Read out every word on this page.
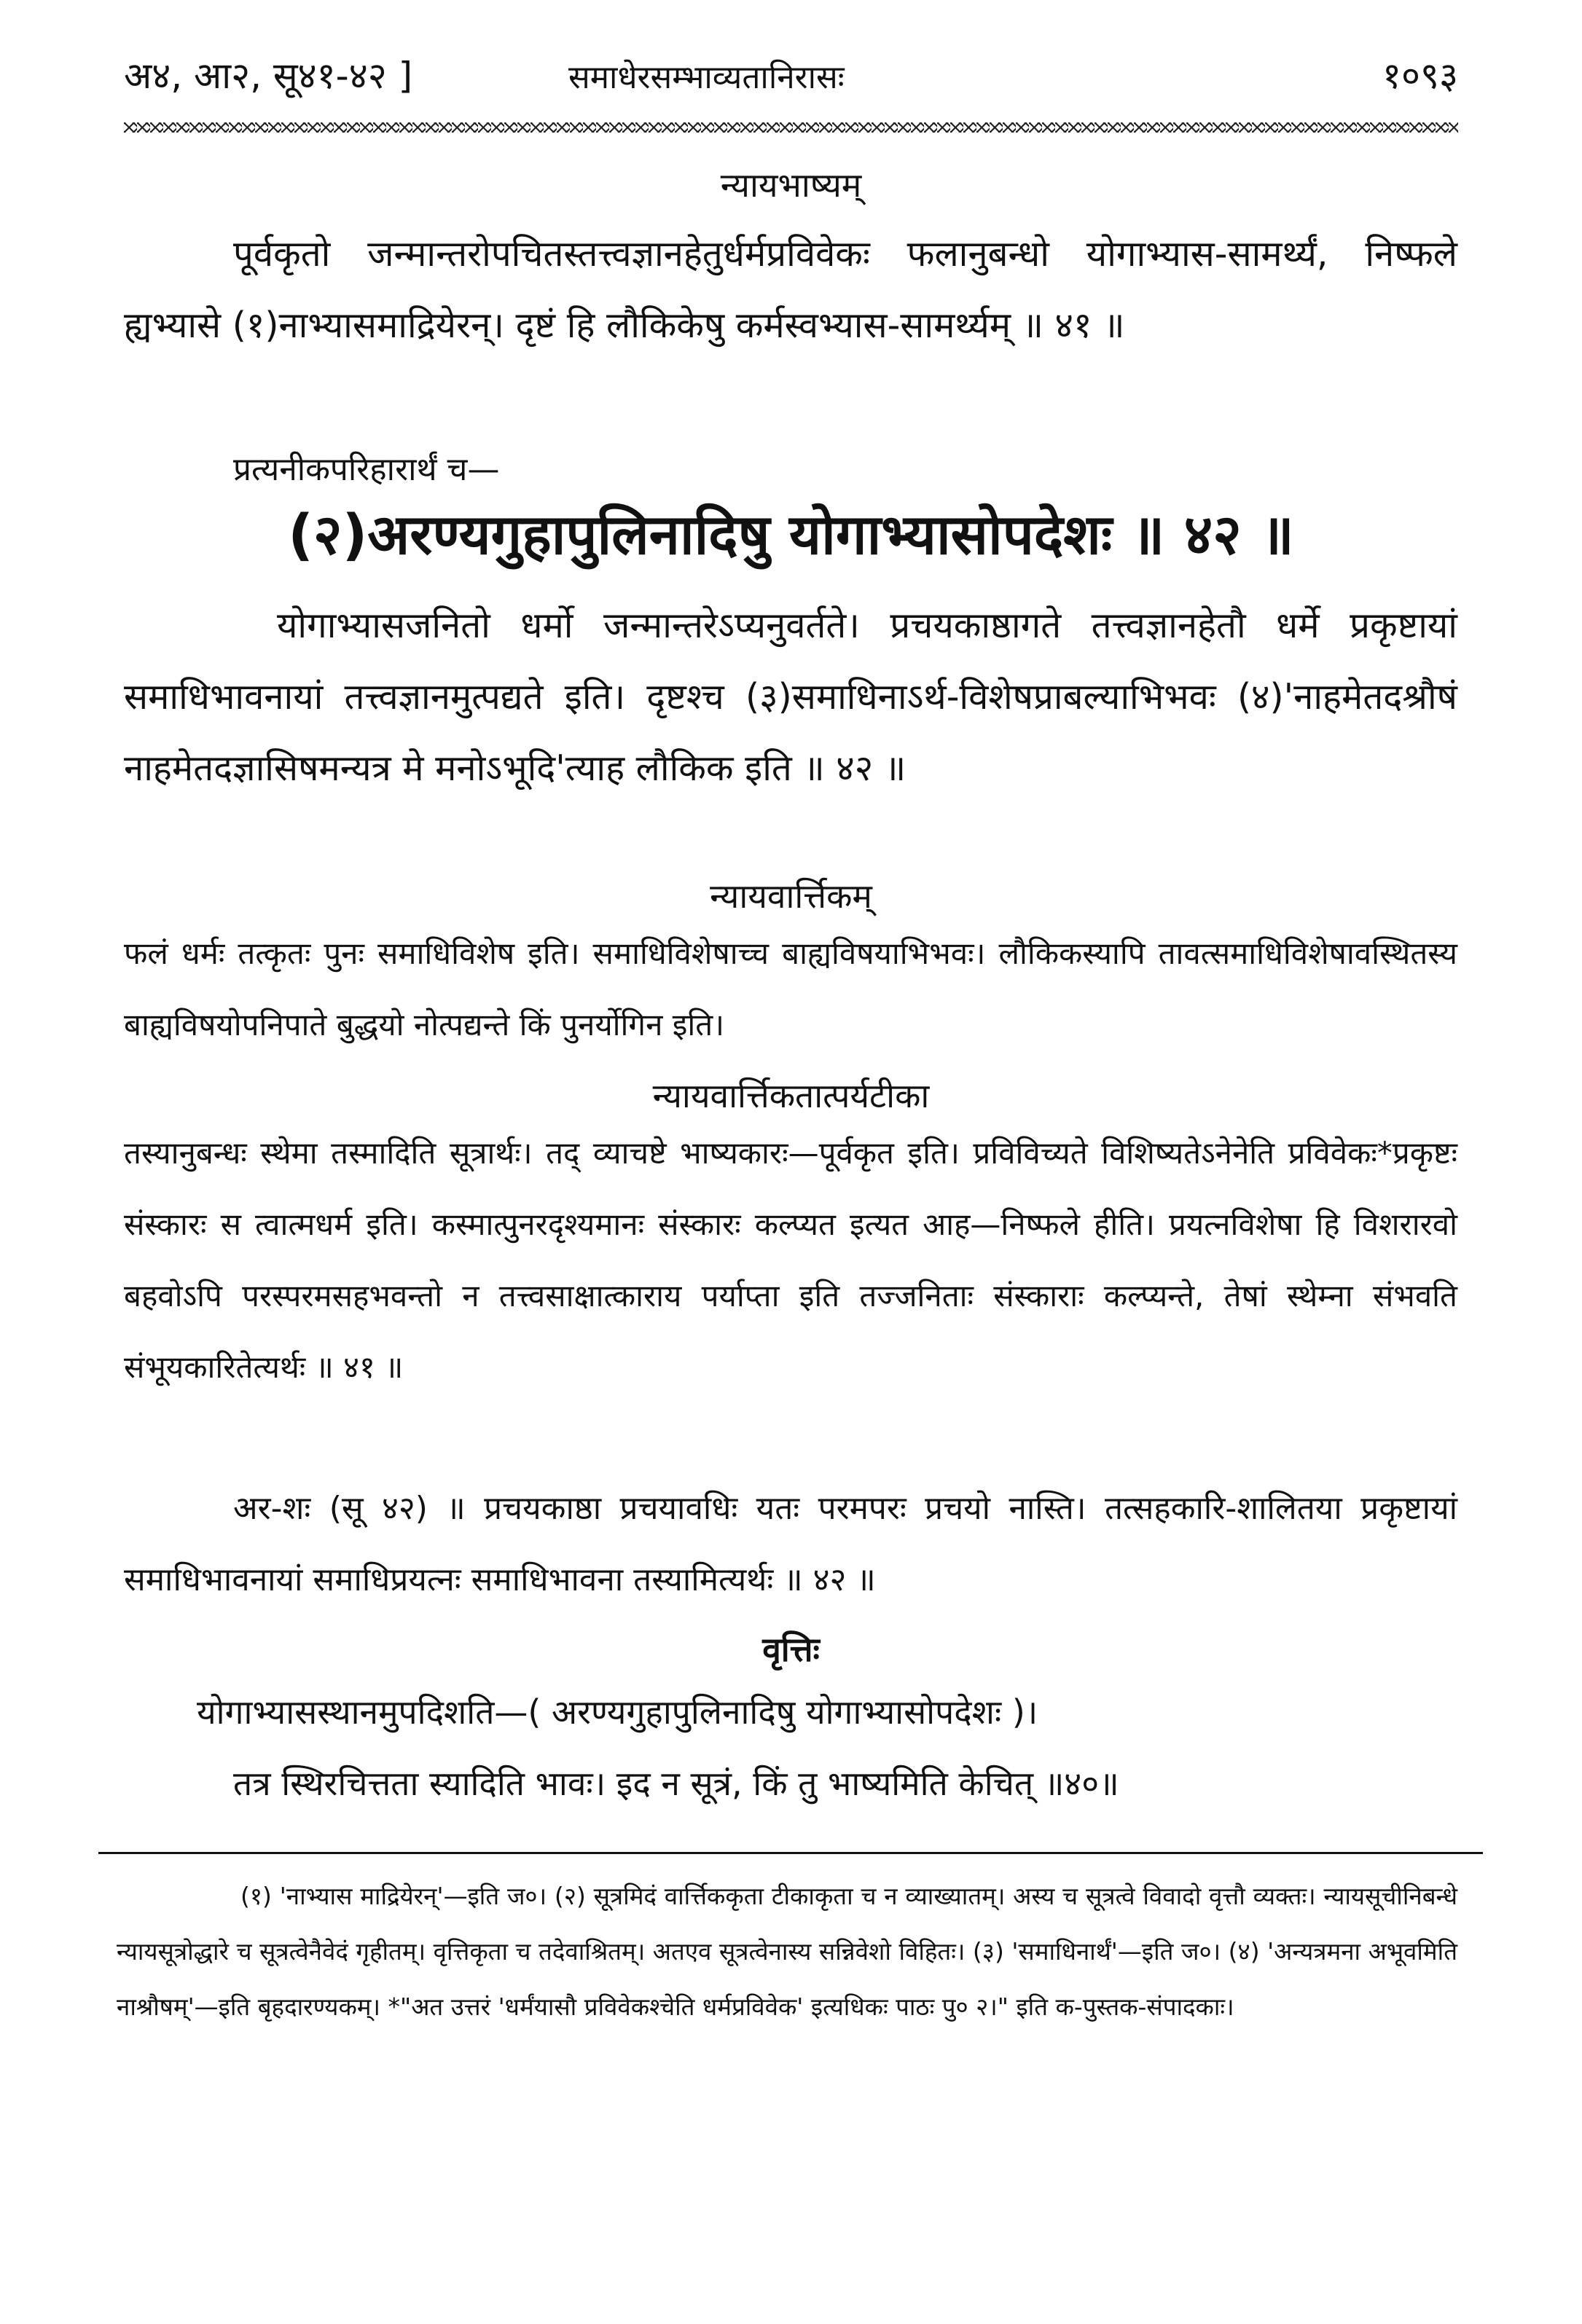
अ४, आ२, सू४१-४२ ]	समाधेरसम्भाव्यतानिरासः	१०९३
न्यायभाष्यम्
पूर्वकृतो जन्मान्तरोपचितस्तत्त्वज्ञानहेतुर्धर्मप्रविवेकः फलानुबन्धो योगाभ्यास-सामर्थ्यं, निष्फले ह्यभ्यासे (१)नाभ्यासमाद्रियेरन्। दृष्टं हि लौकिकेषु कर्मस्वभ्यास-सामर्थ्यम् ॥ ४१ ॥
प्रत्यनीकपरिहारार्थं च—
(२)अरण्यगुहापुलिनादिषु योगाभ्यासोपदेशः ॥ ४२ ॥
योगाभ्यासजनितो धर्मो जन्मान्तरेऽप्यनुवर्तते। प्रचयकाष्ठागते तत्त्वज्ञानहेतौ धर्मे प्रकृष्टायां समाधिभावनायां तत्त्वज्ञानमुत्पद्यते इति। दृष्टश्च (३)समाधिनाऽर्थ-विशेषप्राबल्याभिभवः (४)'नाहमेतदश्रौषं नाहमेतदज्ञासिषमन्यत्र मे मनोऽभूदि'त्याह लौकिक इति ॥ ४२ ॥
न्यायवार्त्तिकम्
फलं धर्मः तत्कृतः पुनः समाधिविशेष इति। समाधिविशेषाच्च बाह्यविषयाभिभवः। लौकिकस्यापि तावत्समाधिविशेषावस्थितस्य बाह्यविषयोपनिपाते बुद्धयो नोत्पद्यन्ते किं पुनर्योगिन इति।
न्यायवार्त्तिकतात्पर्यटीका
तस्यानुबन्धः स्थेमा तस्मादिति सूत्रार्थः। तद् व्याचष्टे भाष्यकारः—पूर्वकृत इति। प्रविविच्यते विशिष्यतेऽनेनेति प्रविवेकः*प्रकृष्टः संस्कारः स त्वात्मधर्म इति। कस्मात्पुनरदृश्यमानः संस्कारः कल्प्यत इत्यत आह—निष्फले हीति। प्रयत्नविशेषा हि विशरारवो बहवोऽपि परस्परमसहभवन्तो न तत्त्वसाक्षात्काराय पर्याप्ता इति तज्जनिताः संस्काराः कल्प्यन्ते, तेषां स्थेम्ना संभवति संभूयकारितेत्यर्थः ॥ ४१ ॥
अर-शः (सू ४२) ॥ प्रचयकाष्ठा प्रचयावधिः यतः परमपरः प्रचयो नास्ति। तत्सहकारि-शालितया प्रकृष्टायां समाधिभावनायां समाधिप्रयत्नः समाधिभावना तस्यामित्यर्थः ॥ ४२ ॥
वृत्तिः
योगाभ्यासस्थानमुपदिशति—( अरण्यगुहापुलिनादिषु योगाभ्यासोपदेशः )।
तत्र स्थिरचित्तता स्यादिति भावः। इद न सूत्रं, किं तु भाष्यमिति केचित् ॥४०॥
(१) 'नाभ्यास माद्रियेरन्'—इति ज०। (२) सूत्रमिदं वार्त्तिककृता टीकाकृता च न व्याख्यातम्। अस्य च सूत्रत्वे विवादो वृत्तौ व्यक्तः। न्यायसूचीनिबन्धे न्यायसूत्रोद्धारे च सूत्रत्वेनैवेदं गृहीतम्। वृत्तिकृता च तदेवाश्रितम्। अतएव सूत्रत्वेनास्य सन्निवेशो विहितः। (३) 'समाधिनार्थं'—इति ज०। (४) 'अन्यत्रमना अभूवमिति नाश्रौषम्'—इति बृहदारण्यकम्। *"अत उत्तरं 'धर्मंयासौ प्रविवेकश्चेति धर्मप्रविवेक' इत्यधिकः पाठः पु० २।" इति क-पुस्तक-संपादकाः।
